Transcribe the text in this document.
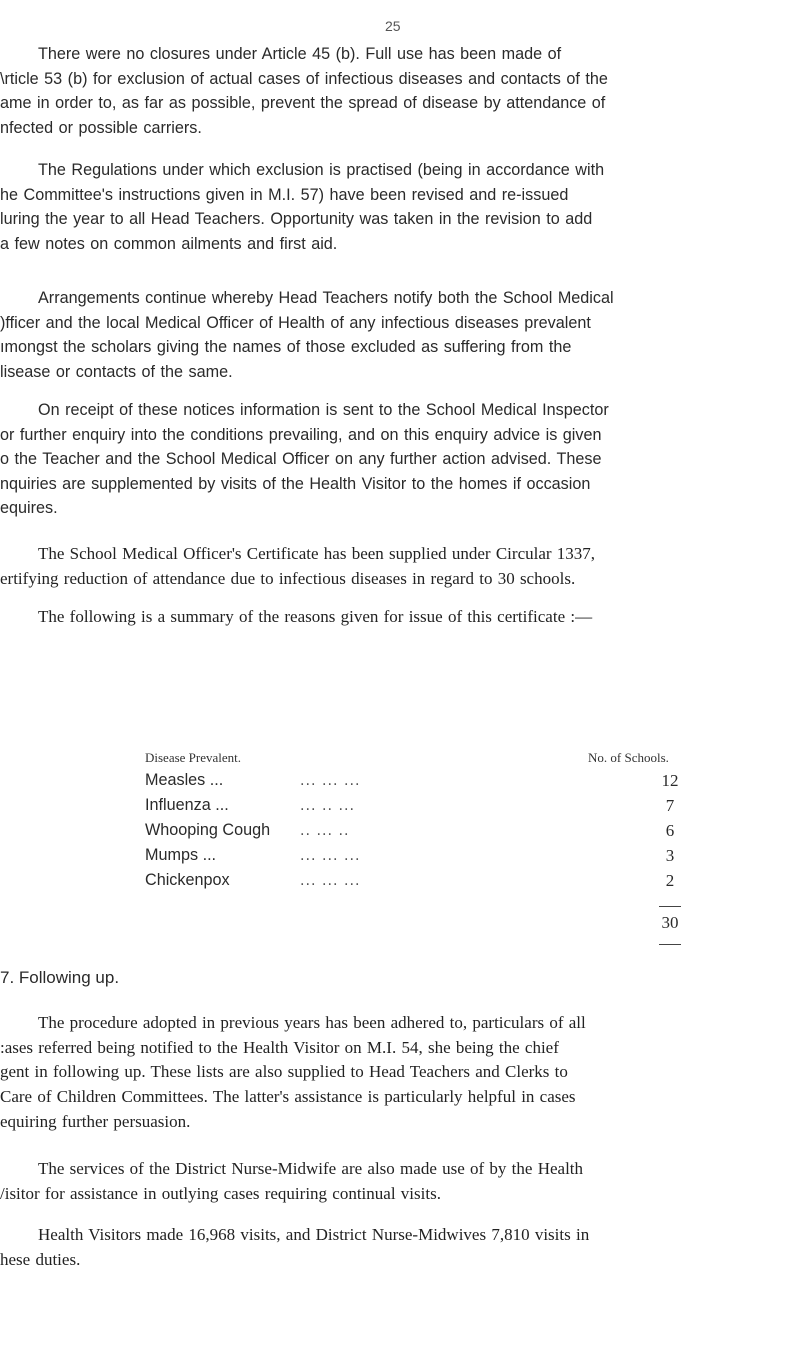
25
There were no closures under Article 45 (b). Full use has been made of
\rticle 53 (b) for exclusion of actual cases of infectious diseases and contacts of the
ame in order to, as far as possible, prevent the spread of disease by attendance of
nfected or possible carriers.
The Regulations under which exclusion is practised (being in accordance with
he Committee's instructions given in M.I. 57) have been revised and re-issued
luring the year to all Head Teachers. Opportunity was taken in the revision to add
a few notes on common ailments and first aid.
Arrangements continue whereby Head Teachers notify both the School Medical
)fficer and the local Medical Officer of Health of any infectious diseases prevalent
ımongst the scholars giving the names of those excluded as suffering from the
lisease or contacts of the same.
On receipt of these notices information is sent to the School Medical Inspector
or further enquiry into the conditions prevailing, and on this enquiry advice is given
o the Teacher and the School Medical Officer on any further action advised. These
nquiries are supplemented by visits of the Health Visitor to the homes if occasion
equires.
The School Medical Officer's Certificate has been supplied under Circular 1337,
ertifying reduction of attendance due to infectious diseases in regard to 30 schools.
The following is a summary of the reasons given for issue of this certificate :—
Disease Prevalent.	No. of Schools.
Measles ...	... ... ...	12
Influenza ...	... .. ...	7
Whooping Cough .. ... ..	6
Mumps ...	... ... ...	3
Chickenpox	... ... ...	2
30
7. Following up.
The procedure adopted in previous years has been adhered to, particulars of all
:ases referred being notified to the Health Visitor on M.I. 54, she being the chief
gent in following up. These lists are also supplied to Head Teachers and Clerks to
Care of Children Committees. The latter's assistance is particularly helpful in cases
equiring further persuasion.
The services of the District Nurse-Midwife are also made use of by the Health
/isitor for assistance in outlying cases requiring continual visits.
Health Visitors made 16,968 visits, and District Nurse-Midwives 7,810 visits in
hese duties.
